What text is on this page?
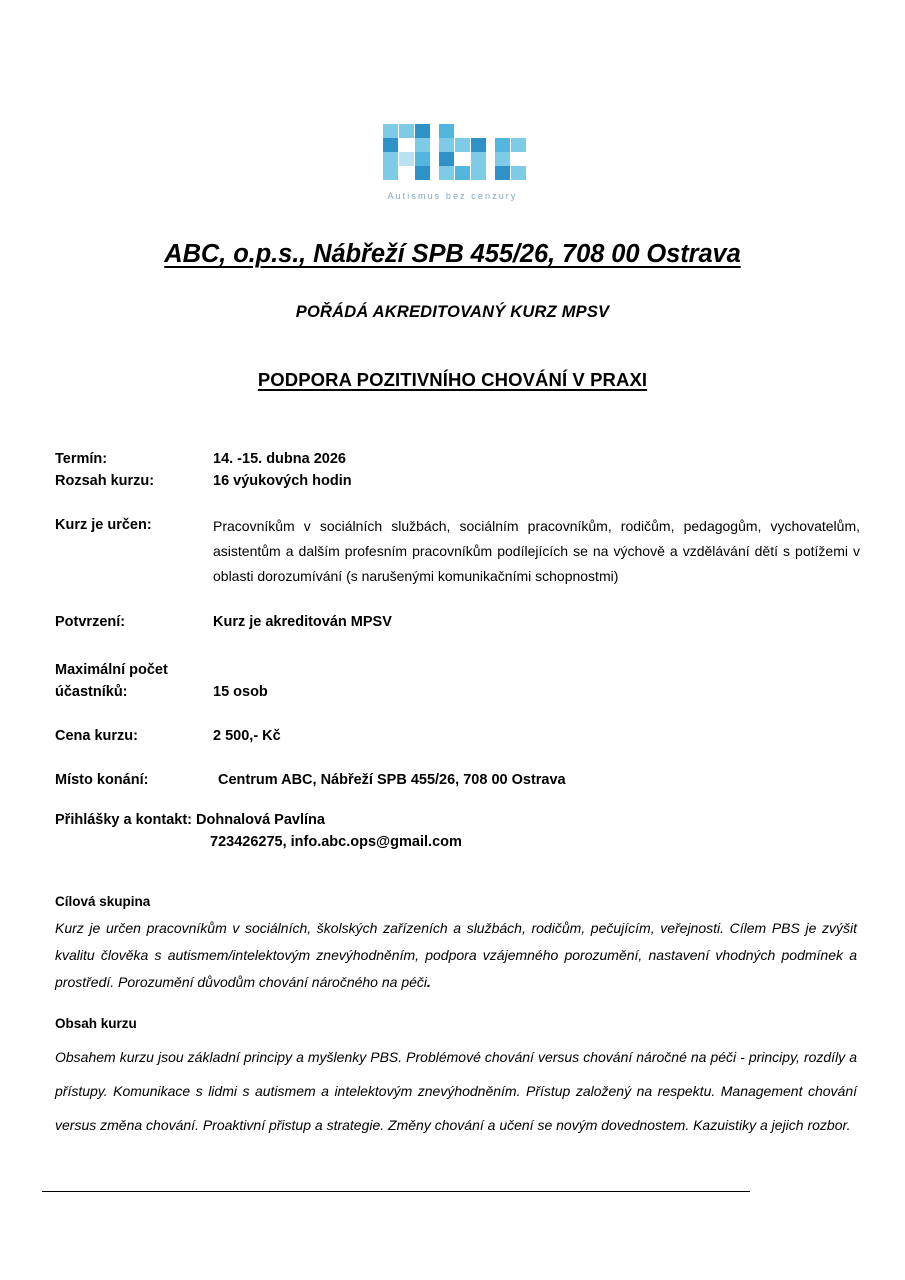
Autismus bez cenzury
ABC, o.p.s., Nábřeží SPB 455/26, 708 00 Ostrava
POŘÁDÁ AKREDITOVANÝ KURZ MPSV
PODPORA POZITIVNÍHO CHOVÁNÍ V PRAXI
Termín:	14. -15. dubna 2026
Rozsah kurzu:	16 výukových hodin
Kurz je určen:	Pracovníkům v sociálních službách, sociálním pracovníkům, rodičům, pedagogům, vychovatelům, asistentům a dalším profesním pracovníkům podílejících se na výchově a vzdělávání dětí s potížemi v oblasti dorozumívání (s narušenými komunikačními schopnostmi)
Potvrzení:	Kurz je akreditován MPSV
Maximální počet
účastníků:	15 osob
Cena kurzu:	2 500,- Kč
Místo konání:	Centrum ABC, Nábřeží SPB 455/26, 708 00 Ostrava
Přihlášky a kontakt: Dohnalová Pavlína
723426275, info.abc.ops@gmail.com
Cílová skupina
Kurz je určen pracovníkům v sociálních, školských zařízeních a službách, rodičům, pečujícím, veřejnosti. Cílem PBS je zvýšit kvalitu člověka s autismem/intelektovým znevýhodněním, podpora vzájemného porozumění, nastavení vhodných podmínek a prostředí. Porozumění důvodům chování náročného na péči.
Obsah kurzu
Obsahem kurzu jsou základní principy a myšlenky PBS. Problémové chování versus chování náročné na péči - principy, rozdíly a přístupy. Komunikace s lidmi s autismem a intelektovým znevýhodněním. Přístup založený na respektu. Management chování versus změna chování. Proaktivní přistup a strategie. Změny chování a učení se novým dovednostem. Kazuistiky a jejich rozbor.
